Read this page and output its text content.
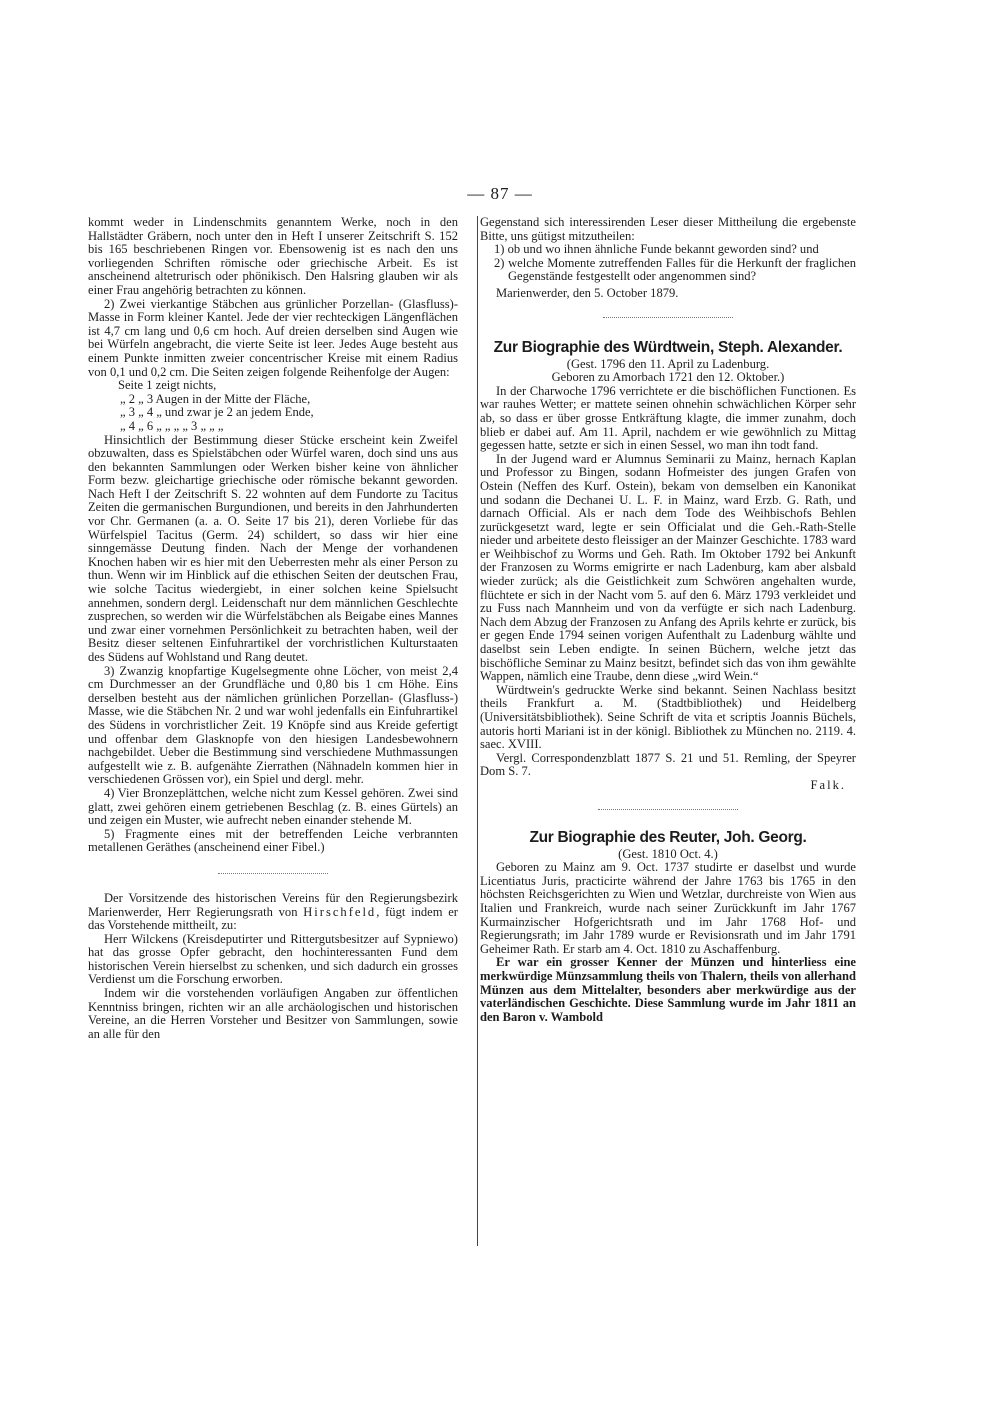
— 87 —

kommt weder in Lindenschmits genanntem Werke, noch in den Hallstädter Gräbern, noch unter den in Heft I unserer Zeitschrift S. 152 bis 165 beschriebenen Ringen vor. Ebensowenig ist es nach den uns vorliegenden Schriften römische oder griechische Arbeit. Es ist anscheinend altetrurisch oder phönikisch. Den Halsring glauben wir als einer Frau angehörig betrachten zu können.

2) Zwei vierkantige Stäbchen aus grünlicher Porzellan- (Glasfluss)-Masse in Form kleiner Kantel. Jede der vier rechteckigen Längenflächen ist 4,7 cm lang und 0,6 cm hoch. Auf dreien derselben sind Augen wie bei Würfeln angebracht, die vierte Seite ist leer. Jedes Auge besteht aus einem Punkte inmitten zweier concentrischer Kreise mit einem Radius von 0,1 und 0,2 cm. Die Seiten zeigen folgende Reihenfolge der Augen:

Seite 1 zeigt nichts,
„ 2 „ 3 Augen in der Mitte der Fläche,
„ 3 „ 4 „ und zwar je 2 an jedem Ende,
„ 4 „ 6 „ „ „ „ 3 „ „ „

Hinsichtlich der Bestimmung dieser Stücke erscheint kein Zweifel obzuwalten, dass es Spielstäbchen oder Würfel waren, doch sind uns aus den bekannten Sammlungen oder Werken bisher keine von ähnlicher Form bezw. gleichartige griechische oder römische bekannt geworden. Nach Heft I der Zeitschrift S. 22 wohnten auf dem Fundorte zu Tacitus Zeiten die germanischen Burgundionen, und bereits in den Jahrhunderten vor Chr. Germanen (a. a. O. Seite 17 bis 21), deren Vorliebe für das Würfelspiel Tacitus (Germ. 24) schildert, so dass wir hier eine sinngemässe Deutung finden. Nach der Menge der vorhandenen Knochen haben wir es hier mit den Ueberresten mehr als einer Person zu thun. Wenn wir im Hinblick auf die ethischen Seiten der deutschen Frau, wie solche Tacitus wiedergiebt, in einer solchen keine Spielsucht annehmen, sondern dergl. Leidenschaft nur dem männlichen Geschlechte zusprechen, so werden wir die Würfelstäbchen als Beigabe eines Mannes und zwar einer vornehmen Persönlichkeit zu betrachten haben, weil der Besitz dieser seltenen Einfuhrartikel der vorchristlichen Kulturstaaten des Südens auf Wohlstand und Rang deutet.

3) Zwanzig knopfartige Kugelsegmente ohne Löcher, von meist 2,4 cm Durchmesser an der Grundfläche und 0,80 bis 1 cm Höhe. Eins derselben besteht aus der nämlichen grünlichen Porzellan- (Glasfluss-) Masse, wie die Stäbchen Nr. 2 und war wohl jedenfalls ein Einfuhrartikel des Südens in vorchristlicher Zeit. 19 Knöpfe sind aus Kreide gefertigt und offenbar dem Glasknopfe von den hiesigen Landesbewohnern nachgebildet. Ueber die Bestimmung sind verschiedene Muthmassungen aufgestellt wie z. B. aufgenähte Zierrathen (Nähnadeln kommen hier in verschiedenen Grössen vor), ein Spiel und dergl. mehr.

4) Vier Bronzeplättchen, welche nicht zum Kessel gehören. Zwei sind glatt, zwei gehören einem getriebenen Beschlag (z. B. eines Gürtels) an und zeigen ein Muster, wie aufrecht neben einander stehende M.

5) Fragmente eines mit der betreffenden Leiche verbrannten metallenen Geräthes (anscheinend einer Fibel.)

Der Vorsitzende des historischen Vereins für den Regierungsbezirk Marienwerder, Herr Regierungsrath von Hirschfeld, fügt indem er das Vorstehende mittheilt, zu:

Herr Wilckens (Kreisdeputirter und Rittergutsbesitzer auf Sypniewo) hat das grosse Opfer gebracht, den hochinteressanten Fund dem historischen Verein hierselbst zu schenken, und sich dadurch ein grosses Verdienst um die Forschung erworben.

Indem wir die vorstehenden vorläufigen Angaben zur öffentlichen Kenntniss bringen, richten wir an alle archäologischen und historischen Vereine, an die Herren Vorsteher und Besitzer von Sammlungen, sowie an alle für den

Gegenstand sich interessirenden Leser dieser Mittheilung die ergebenste Bitte, uns gütigst mitzutheilen:

1) ob und wo ihnen ähnliche Funde bekannt geworden sind? und

2) welche Momente zutreffenden Falles für die Herkunft der fraglichen Gegenstände festgestellt oder angenommen sind?

Marienwerder, den 5. October 1879.

Zur Biographie des Würdtwein, Steph. Alexander.
(Gest. 1796 den 11. April zu Ladenburg.
Geboren zu Amorbach 1721 den 12. Oktober.)

In der Charwoche 1796 verrichtete er die bischöflichen Functionen. Es war rauhes Wetter; er mattete seinen ohnehin schwächlichen Körper sehr ab, so dass er über grosse Entkräftung klagte, die immer zunahm, doch blieb er dabei auf. Am 11. April, nachdem er wie gewöhnlich zu Mittag gegessen hatte, setzte er sich in einen Sessel, wo man ihn todt fand.

In der Jugend ward er Alumnus Seminarii zu Mainz, hernach Kaplan und Professor zu Bingen, sodann Hofmeister des jungen Grafen von Ostein (Neffen des Kurf. Ostein), bekam von demselben ein Kanonikat und sodann die Dechanei U. L. F. in Mainz, ward Erzb. G. Rath, und darnach Official. Als er nach dem Tode des Weihbischofs Behlen zurückgesetzt ward, legte er sein Officialat und die Geh.-Rath-Stelle nieder und arbeitete desto fleissiger an der Mainzer Geschichte. 1783 ward er Weihbischof zu Worms und Geh. Rath. Im Oktober 1792 bei Ankunft der Franzosen zu Worms emigrirte er nach Ladenburg, kam aber alsbald wieder zurück; als die Geistlichkeit zum Schwören angehalten wurde, flüchtete er sich in der Nacht vom 5. auf den 6. März 1793 verkleidet und zu Fuss nach Mannheim und von da verfügte er sich nach Ladenburg. Nach dem Abzug der Franzosen zu Anfang des Aprils kehrte er zurück, bis er gegen Ende 1794 seinen vorigen Aufenthalt zu Ladenburg wählte und daselbst sein Leben endigte. In seinen Büchern, welche jetzt das bischöfliche Seminar zu Mainz besitzt, befindet sich das von ihm gewählte Wappen, nämlich eine Traube, denn diese „wird Wein.“

Würdtwein's gedruckte Werke sind bekannt. Seinen Nachlass besitzt theils Frankfurt a. M. (Stadtbibliothek) und Heidelberg (Universitätsbibliothek). Seine Schrift de vita et scriptis Joannis Büchels, autoris horti Mariani ist in der königl. Bibliothek zu München no. 2119. 4. saec. XVIII.

Vergl. Correspondenzblatt 1877 S. 21 und 51. Remling, der Speyrer Dom S. 7.

Falk.

Zur Biographie des Reuter, Joh. Georg.
(Gest. 1810 Oct. 4.)

Geboren zu Mainz am 9. Oct. 1737 studirte er daselbst und wurde Licentiatus Juris, practicirte während der Jahre 1763 bis 1765 in den höchsten Reichsgerichten zu Wien und Wetzlar, durchreiste von Wien aus Italien und Frankreich, wurde nach seiner Zurückkunft im Jahr 1767 Kurmainzischer Hofgerichtsrath und im Jahr 1768 Hof- und Regierungsrath; im Jahr 1789 wurde er Revisionsrath und im Jahr 1791 Geheimer Rath. Er starb am 4. Oct. 1810 zu Aschaffenburg.

Er war ein grosser Kenner der Münzen und hinterliess eine merkwürdige Münzsammlung theils von Thalern, theils von allerhand Münzen aus dem Mittelalter, besonders aber merkwürdige aus der vaterländischen Geschichte. Diese Sammlung wurde im Jahr 1811 an den Baron v. Wambold
